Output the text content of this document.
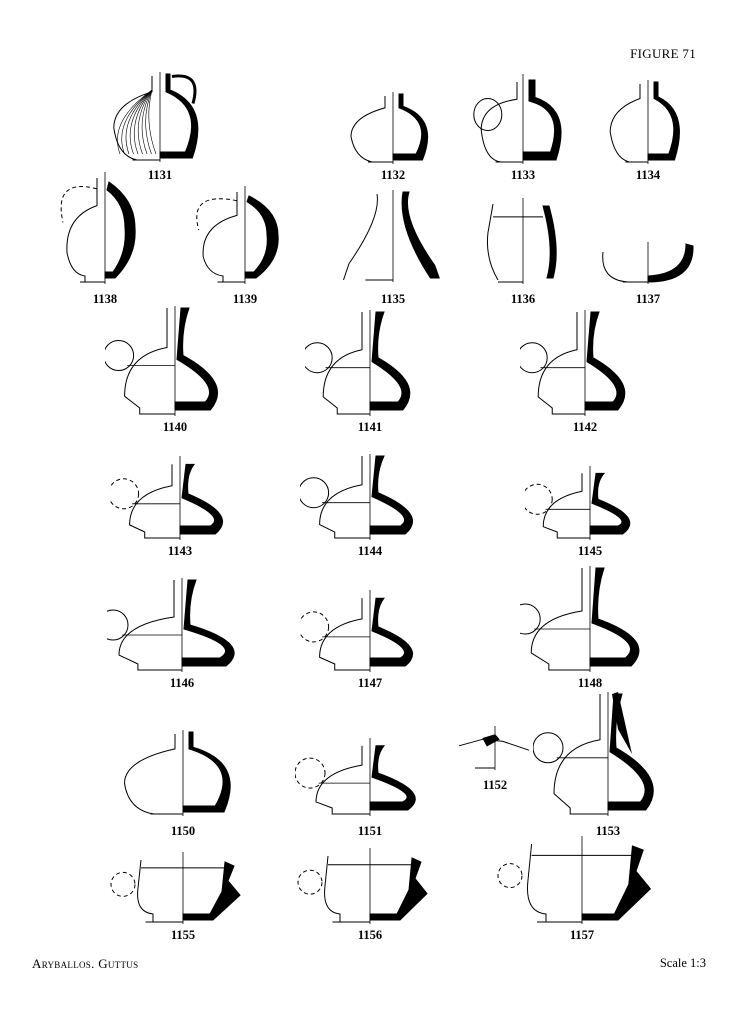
FIGURE 71
1131	1132	1133	1134
1138	1139	1135	1136	1137
1140	1141	1142
1143	1144	1145
1146	1147	1148
1150	1151
1152
1153
1155	1156	1157
Aryballos. Guttus	Scale 1:3
